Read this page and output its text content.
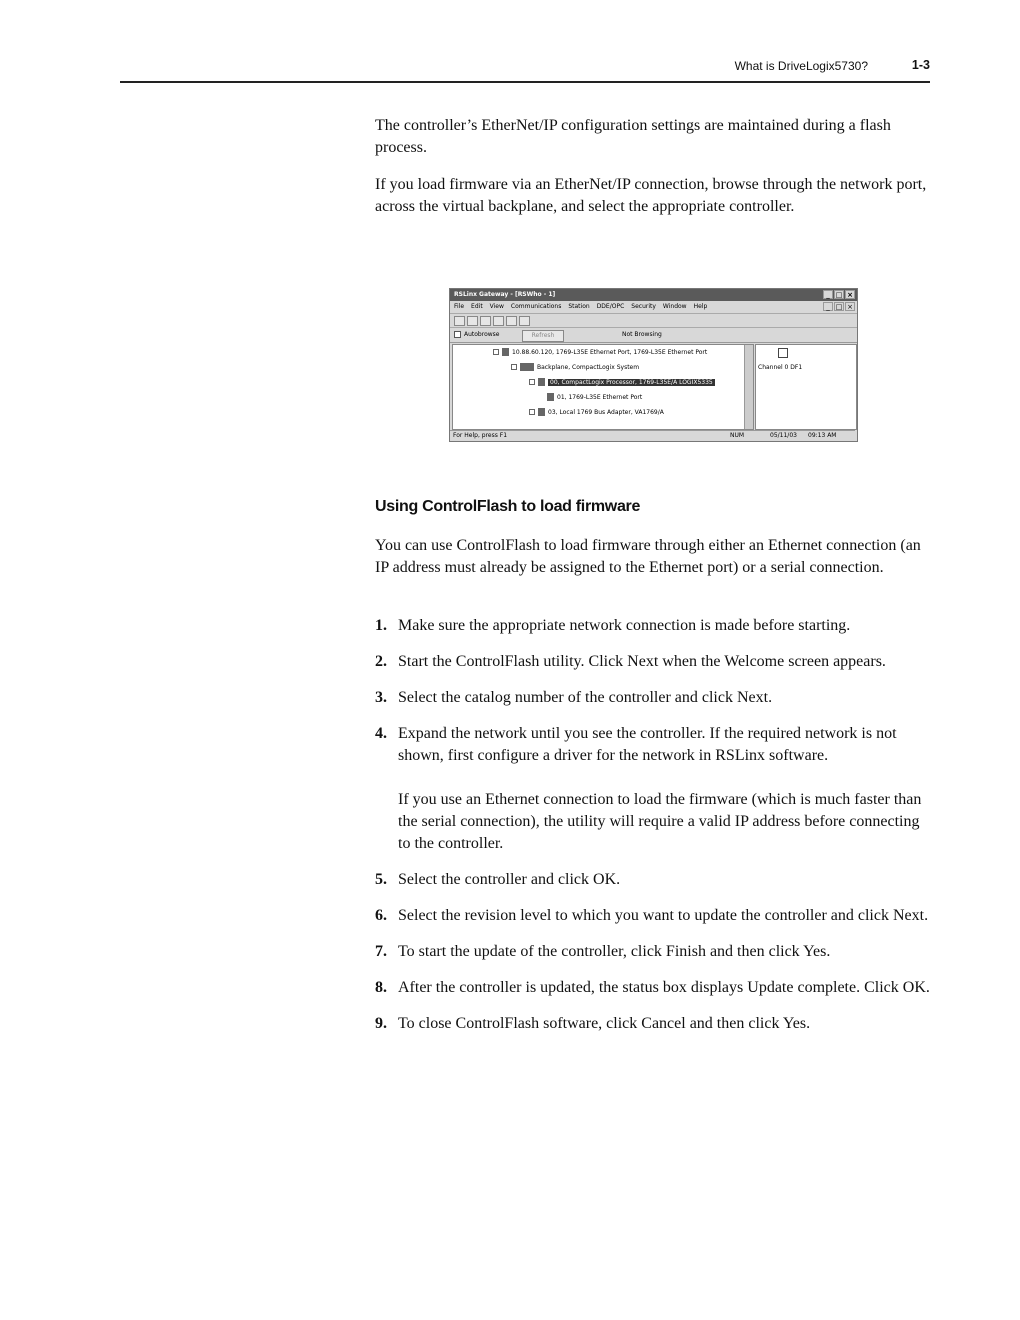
What is DriveLogix5730?	1-3

The controller’s EtherNet/IP configuration settings are maintained during a flash process.

If you load firmware via an EtherNet/IP connection, browse through the network port, across the virtual backplane, and select the appropriate controller.

RSLinx Gateway - [RSWho - 1]	_ □ ×
File Edit View Communications Station DDE/OPC Security Window Help	_ □ ×
Autobrowse	Refresh	Not Browsing
10.88.60.120, 1769-L35E Ethernet Port, 1769-L35E Ethernet Port
Backplane, CompactLogix System
00, CompactLogix Processor, 1769-L35E/A LOGIX5335
01, 1769-L35E Ethernet Port
03, Local 1769 Bus Adapter, VA1769/A
Channel 0 DF1
For Help, press F1	NUM	05/11/03 09:13 AM
Using ControlFlash to load firmware

You can use ControlFlash to load firmware through either an Ethernet connection (an IP address must already be assigned to the Ethernet port) or a serial connection.

1. Make sure the appropriate network connection is made before starting.
2. Start the ControlFlash utility. Click Next when the Welcome screen appears.
3. Select the catalog number of the controller and click Next.
4. Expand the network until you see the controller. If the required network is not shown, first configure a driver for the network in RSLinx software.
If you use an Ethernet connection to load the firmware (which is much faster than the serial connection), the utility will require a valid IP address before connecting to the controller.
5. Select the controller and click OK.
6. Select the revision level to which you want to update the controller and click Next.
7. To start the update of the controller, click Finish and then click Yes.
8. After the controller is updated, the status box displays Update complete. Click OK.
9. To close ControlFlash software, click Cancel and then click Yes.
